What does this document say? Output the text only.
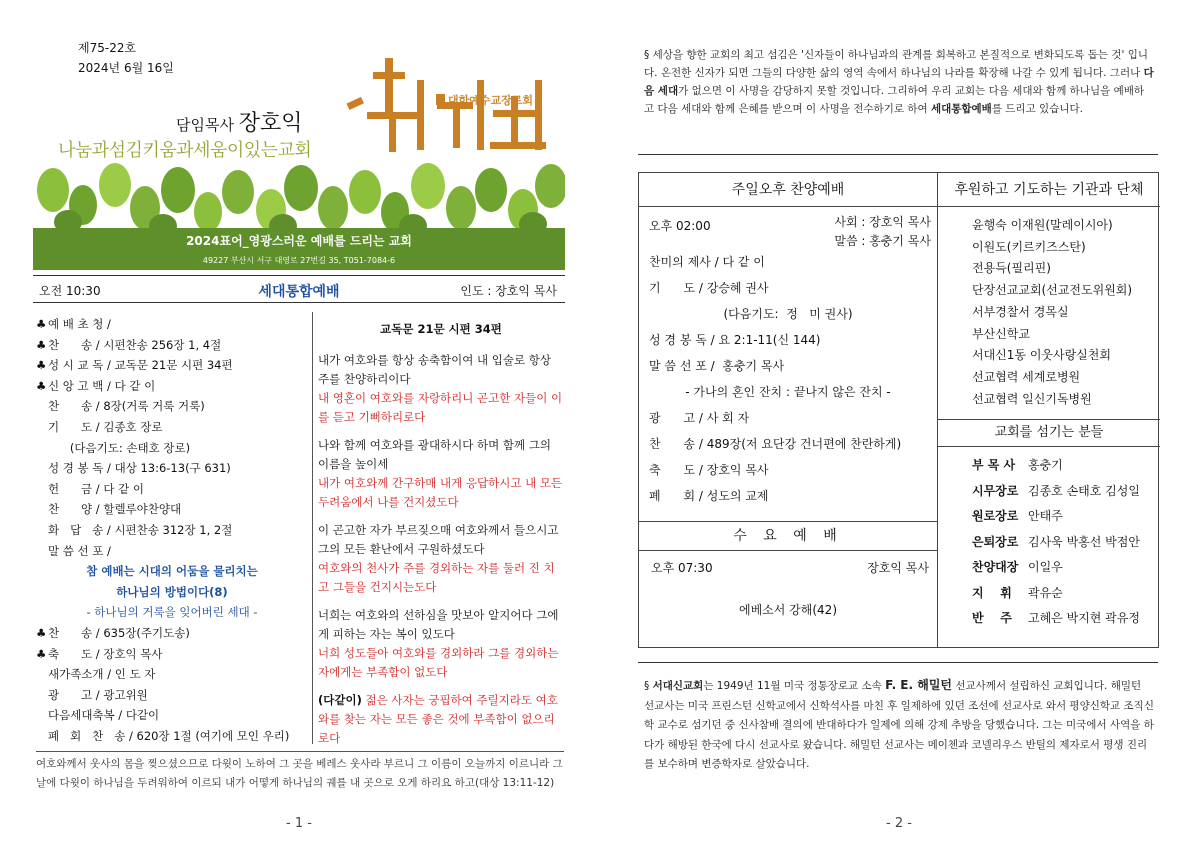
제75-22호
2024년 6월 16일
담임목사 장호익
나눔과섬김키움과세움이있는교회
대한예수교장로회
2024표어_영광스러운 예배를 드리는 교회
49227 부산시 서구 대영로 27번길 35, T051-7084-6
오전 10:30	세대통합예배	인도 : 장호익 목사
♣ 예 배 초 청 /
♣ 찬      송 / 시편찬송 256장 1, 4절
♣ 성 시 교 독 / 교독문 21문 시편 34편
♣ 신 앙 고 백 / 다 같 이
찬      송 / 8장(거룩 거룩 거룩)
기      도 / 김종호 장로
(다음기도: 손태호 장로)
성 경 봉 독 / 대상 13:6-13(구 631)
헌      금 / 다 같 이
찬      양 / 할렐루야찬양대
화   답   송 / 시편찬송 312장 1, 2절
말 씀 선 포 /
참 예배는 시대의 어둠을 물리치는
하나님의 방법이다(8)
- 하나님의 거룩을 잊어버린 세대 -
♣ 찬      송 / 635장(주기도송)
♣ 축      도 / 장호익 목사
새가족소개 / 인 도 자
광      고 / 광고위원
다음세대축복 / 다같이
폐   회   찬   송 / 620장 1절 (여기에 모인 우리)
교독문 21문 시편 34편

내가 여호와를 항상 송축함이여 내 입술로 항상 주를 찬양하리이다
내 영혼이 여호와를 자랑하리니 곤고한 자들이 이를 듣고 기뻐하리로다

나와 함께 여호와를 광대하시다 하며 함께 그의 이름을 높이세
내가 여호와께 간구하매 내게 응답하시고 내 모든 두려움에서 나를 건지셨도다

이 곤고한 자가 부르짖으매 여호와께서 들으시고 그의 모든 환난에서 구원하셨도다
여호와의 천사가 주를 경외하는 자를 둘러 진 치고 그들을 건지시는도다

너희는 여호와의 선하심을 맛보아 알지어다 그에게 피하는 자는 복이 있도다
너희 성도들아 여호와를 경외하라 그를 경외하는 자에게는 부족함이 없도다

(다같이) 젊은 사자는 궁핍하여 주릴지라도 여호와를 찾는 자는 모든 좋은 것에 부족함이 없으리로다

여호와께서 웃사의 몸을 찢으셨으므로 다윗이 노하여 그 곳을 베레스 웃사라 부르니 그 이름이 오늘까지 이르니라 그 날에 다윗이 하나님을 두려워하여 이르되 내가 어떻게 하나님의 궤를 내 곳으로 오게 하리요 하고(대상 13:11-12)
- 1 -
§ 세상을 향한 교회의 최고 섬김은 '신자들이 하나님과의 관계를 회복하고 본질적으로 변화되도록 돕는 것' 입니다. 온전한 신자가 되면 그들의 다양한 삶의 영역 속에서 하나님의 나라를 확장해 나갈 수 있게 됩니다. 그러나 다음 세대가 없으면 이 사명을 감당하지 못할 것입니다. 그리하여 우리 교회는 다음 세대와 함께 하나님을 예배하고 다음 세대와 함께 은혜를 받으며 이 사명을 전수하기로 하여 세대통합예배를 드리고 있습니다.
주일오후 찬양예배	후원하고 기도하는 기관과 단체
오후 02:00	사회 : 장호익 목사
말씀 : 홍충기 목사
찬미의 제사 / 다 같 이
기      도 / 강승혜 권사
(다음기도:  정   미 권사)
성 경 봉 독 / 요 2:1-11(신 144)
말 씀 선 포 /  홍충기 목사
- 가나의 혼인 잔치 : 끝나지 않은 잔치 -
광      고 / 사 회 자
찬      송 / 489장(저 요단강 건너편에 찬란하게)
축      도 / 장호익 목사
폐      회 / 성도의 교제
수 요 예 배
오후 07:30	장호익 목사
에베소서 강해(42)
윤행숙 이재원(말레이시아)
이원도(키르키즈스탄)
전용득(필리핀)
단장선교교회(선교전도위원회)
서부경찰서 경목실
부산신학교
서대신1동 이웃사랑실천회
선교협력 세계로병원
선교협력 일신기독병원
교회를 섬기는 분들
부 목 사 홍충기
시무장로 김종호 손태호 김성일
원로장로 안태주
은퇴장로 김사욱 박홍선 박점안
찬양대장 이일우
지    휘 곽유순
반    주 고혜은 박지현 곽유정
§ 서대신교회는 1949년 11월 미국 정통장로교 소속 F. E. 해밀턴 선교사께서 설립하신 교회입니다. 해밀턴 선교사는 미국 프린스턴 신학교에서 신학석사를 마친 후 일제하에 있던 조선에 선교사로 와서 평양신학교 조직신학 교수로 섬기던 중 신사참배 결의에 반대하다가 일제에 의해 강제 추방을 당했습니다. 그는 미국에서 사역을 하다가 해방된 한국에 다시 선교사로 왔습니다. 해밀턴 선교사는 메이첸과 코넬리우스 반틸의 제자로서 평생 진리를 보수하며 변증학자로 살았습니다.
- 2 -
